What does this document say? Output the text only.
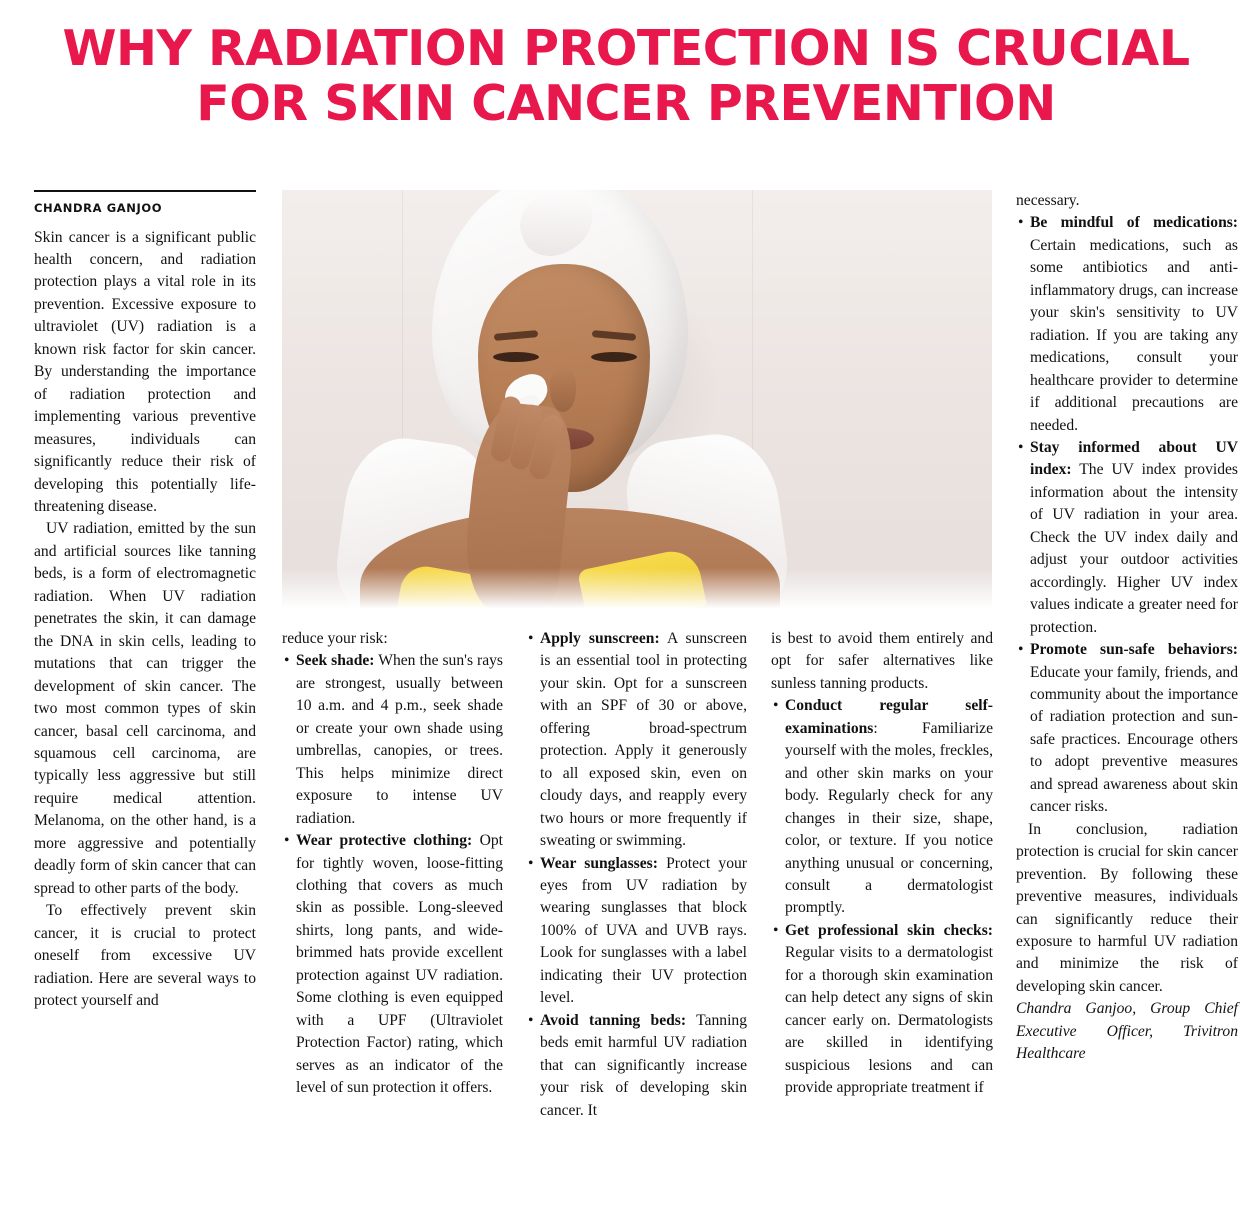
WHY RADIATION PROTECTION IS CRUCIAL FOR SKIN CANCER PREVENTION
CHANDRA GANJOO

Skin cancer is a significant public health concern, and radiation protection plays a vital role in its prevention. Excessive exposure to ultraviolet (UV) radiation is a known risk factor for skin cancer. By understanding the importance of radiation protection and implementing various preventive measures, individuals can significantly reduce their risk of developing this potentially life-threatening disease.

UV radiation, emitted by the sun and artificial sources like tanning beds, is a form of electromagnetic radiation. When UV radiation penetrates the skin, it can damage the DNA in skin cells, leading to mutations that can trigger the development of skin cancer. The two most common types of skin cancer, basal cell carcinoma, and squamous cell carcinoma, are typically less aggressive but still require medical attention. Melanoma, on the other hand, is a more aggressive and potentially deadly form of skin cancer that can spread to other parts of the body.

To effectively prevent skin cancer, it is crucial to protect oneself from excessive UV radiation. Here are several ways to protect yourself and

reduce your risk:

• Seek shade: When the sun's rays are strongest, usually between 10 a.m. and 4 p.m., seek shade or create your own shade using umbrellas, canopies, or trees. This helps minimize direct exposure to intense UV radiation.

• Wear protective clothing: Opt for tightly woven, loose-fitting clothing that covers as much skin as possible. Long-sleeved shirts, long pants, and wide-brimmed hats provide excellent protection against UV radiation. Some clothing is even equipped with a UPF (Ultraviolet Protection Factor) rating, which serves as an indicator of the level of sun protection it offers.

• Apply sunscreen: A sunscreen is an essential tool in protecting your skin. Opt for a sunscreen with an SPF of 30 or above, offering broad-spectrum protection. Apply it generously to all exposed skin, even on cloudy days, and reapply every two hours or more frequently if sweating or swimming.

• Wear sunglasses: Protect your eyes from UV radiation by wearing sunglasses that block 100% of UVA and UVB rays. Look for sunglasses with a label indicating their UV protection level.

• Avoid tanning beds: Tanning beds emit harmful UV radiation that can significantly increase your risk of developing skin cancer. It

is best to avoid them entirely and opt for safer alternatives like sunless tanning products.

• Conduct regular self-examinations: Familiarize yourself with the moles, freckles, and other skin marks on your body. Regularly check for any changes in their size, shape, color, or texture. If you notice anything unusual or concerning, consult a dermatologist promptly.

• Get professional skin checks: Regular visits to a dermatologist for a thorough skin examination can help detect any signs of skin cancer early on. Dermatologists are skilled in identifying suspicious lesions and can provide appropriate treatment if

necessary.

• Be mindful of medications: Certain medications, such as some antibiotics and anti-inflammatory drugs, can increase your skin's sensitivity to UV radiation. If you are taking any medications, consult your healthcare provider to determine if additional precautions are needed.

• Stay informed about UV index: The UV index provides information about the intensity of UV radiation in your area. Check the UV index daily and adjust your outdoor activities accordingly. Higher UV index values indicate a greater need for protection.

• Promote sun-safe behaviors: Educate your family, friends, and community about the importance of radiation protection and sun-safe practices. Encourage others to adopt preventive measures and spread awareness about skin cancer risks.

In conclusion, radiation protection is crucial for skin cancer prevention. By following these preventive measures, individuals can significantly reduce their exposure to harmful UV radiation and minimize the risk of developing skin cancer.

Chandra Ganjoo, Group Chief Executive Officer, Trivitron Healthcare
